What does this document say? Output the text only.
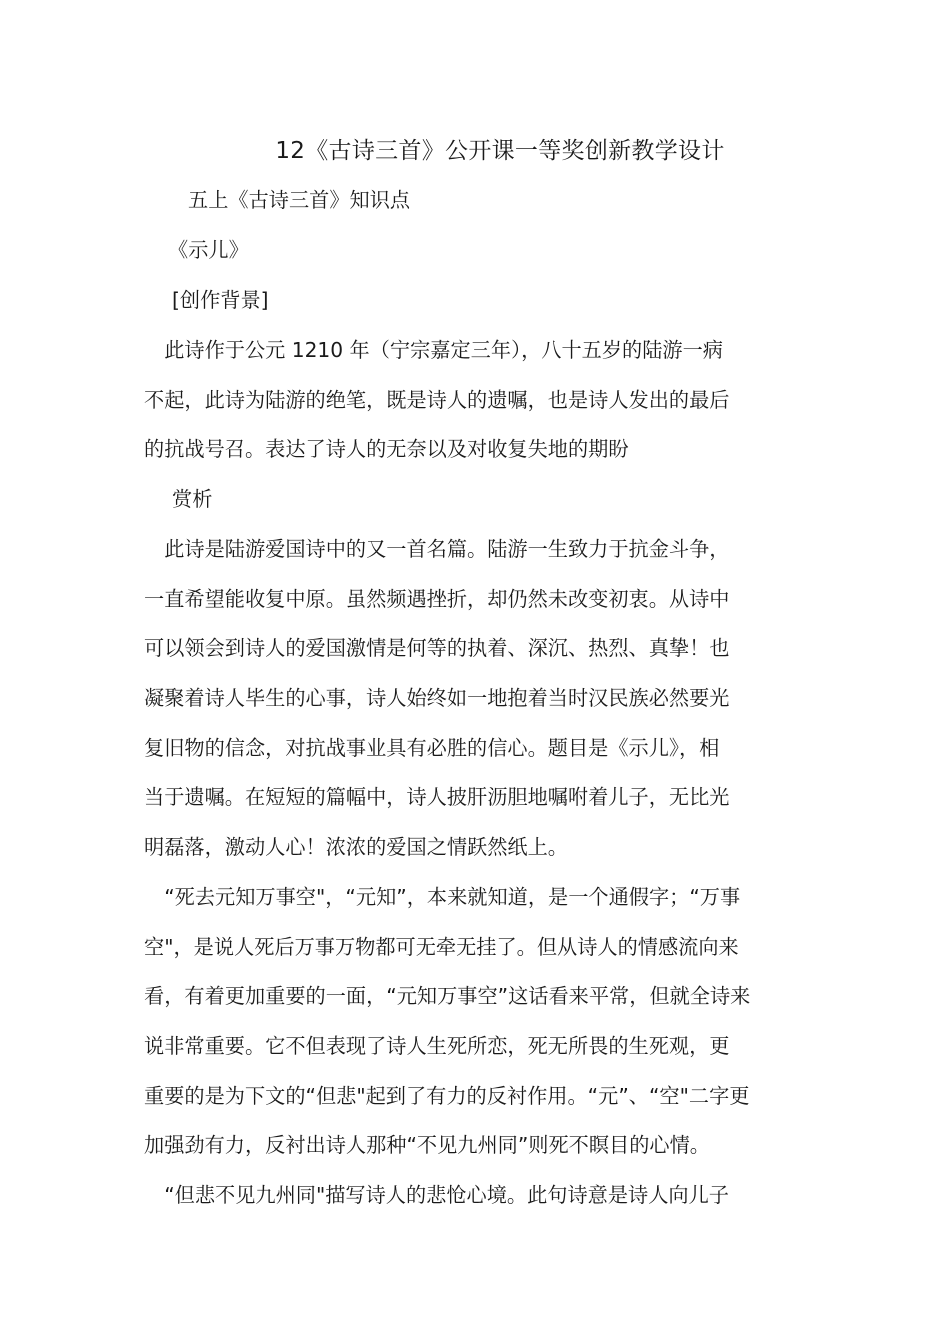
12《古诗三首》公开课一等奖创新教学设计
五上《古诗三首》知识点
《示儿》
[创作背景]
　此诗作于公元 1210 年（宁宗嘉定三年），八十五岁的陆游一病
不起，此诗为陆游的绝笔，既是诗人的遗嘱，也是诗人发出的最后
的抗战号召。表达了诗人的无奈以及对收复失地的期盼
赏析
　此诗是陆游爱国诗中的又一首名篇。陆游一生致力于抗金斗争，
一直希望能收复中原。虽然频遇挫折，却仍然未改变初衷。从诗中
可以领会到诗人的爱国激情是何等的执着、深沉、热烈、真挚！也
凝聚着诗人毕生的心事，诗人始终如一地抱着当时汉民族必然要光
复旧物的信念，对抗战事业具有必胜的信心。题目是《示儿》，相
当于遗嘱。在短短的篇幅中，诗人披肝沥胆地嘱咐着儿子，无比光
明磊落，激动人心！浓浓的爱国之情跃然纸上。
　“死去元知万事空"，“元知”，本来就知道，是一个通假字；“万事
空"，是说人死后万事万物都可无牵无挂了。但从诗人的情感流向来
看，有着更加重要的一面，“元知万事空”这话看来平常，但就全诗来
说非常重要。它不但表现了诗人生死所恋，死无所畏的生死观，更
重要的是为下文的“但悲"起到了有力的反衬作用。“元”、“空"二字更
加强劲有力，反衬出诗人那种“不见九州同”则死不瞑目的心情。
　“但悲不见九州同"描写诗人的悲怆心境。此句诗意是诗人向儿子
